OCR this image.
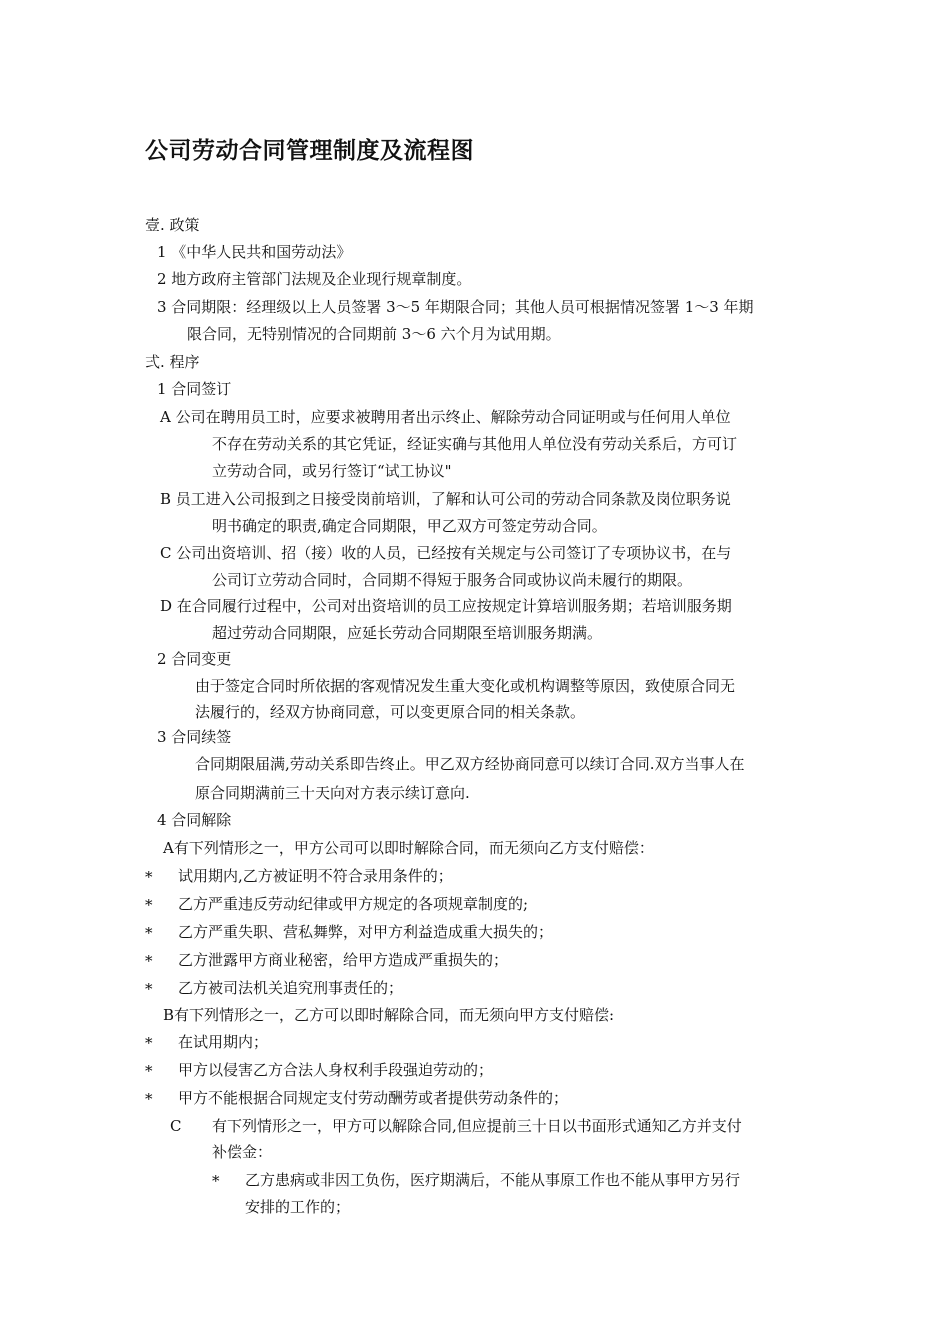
公司劳动合同管理制度及流程图
壹. 政策
1 《中华人民共和国劳动法》
2 地方政府主管部门法规及企业现行规章制度。
3 合同期限：经理级以上人员签署 3～5 年期限合同；其他人员可根据情况签署 1～3 年期
限合同，无特别情况的合同期前 3～6 六个月为试用期。
弍. 程序
1 合同签订
A 公司在聘用员工时，应要求被聘用者出示终止、解除劳动合同证明或与任何用人单位
不存在劳动关系的其它凭证，经证实确与其他用人单位没有劳动关系后，方可订
立劳动合同，或另行签订“试工协议"
B 员工进入公司报到之日接受岗前培训，了解和认可公司的劳动合同条款及岗位职务说
明书确定的职责,确定合同期限，甲乙双方可签定劳动合同。
C 公司出资培训、招（接）收的人员，已经按有关规定与公司签订了专项协议书，在与
公司订立劳动合同时，合同期不得短于服务合同或协议尚未履行的期限。
D 在合同履行过程中，公司对出资培训的员工应按规定计算培训服务期；若培训服务期
超过劳动合同期限，应延长劳动合同期限至培训服务期满。
2 合同变更
由于签定合同时所依据的客观情况发生重大变化或机构调整等原因，致使原合同无
法履行的，经双方协商同意，可以变更原合同的相关条款。
3 合同续签
合同期限届满,劳动关系即告终止。甲乙双方经协商同意可以续订合同.双方当事人在
原合同期满前三十天向对方表示续订意向.
4 合同解除
A有下列情形之一，甲方公司可以即时解除合同，而无须向乙方支付赔偿：
* 试用期内,乙方被证明不符合录用条件的；
* 乙方严重违反劳动纪律或甲方规定的各项规章制度的;
* 乙方严重失职、营私舞弊，对甲方利益造成重大损失的；
* 乙方泄露甲方商业秘密，给甲方造成严重损失的；
* 乙方被司法机关追究刑事责任的；
B有下列情形之一，乙方可以即时解除合同，而无须向甲方支付赔偿:
* 在试用期内；
* 甲方以侵害乙方合法人身权利手段强迫劳动的；
* 甲方不能根据合同规定支付劳动酬劳或者提供劳动条件的；
C 有下列情形之一，甲方可以解除合同,但应提前三十日以书面形式通知乙方并支付
补偿金：
* 乙方患病或非因工负伤，医疗期满后，不能从事原工作也不能从事甲方另行
安排的工作的；
